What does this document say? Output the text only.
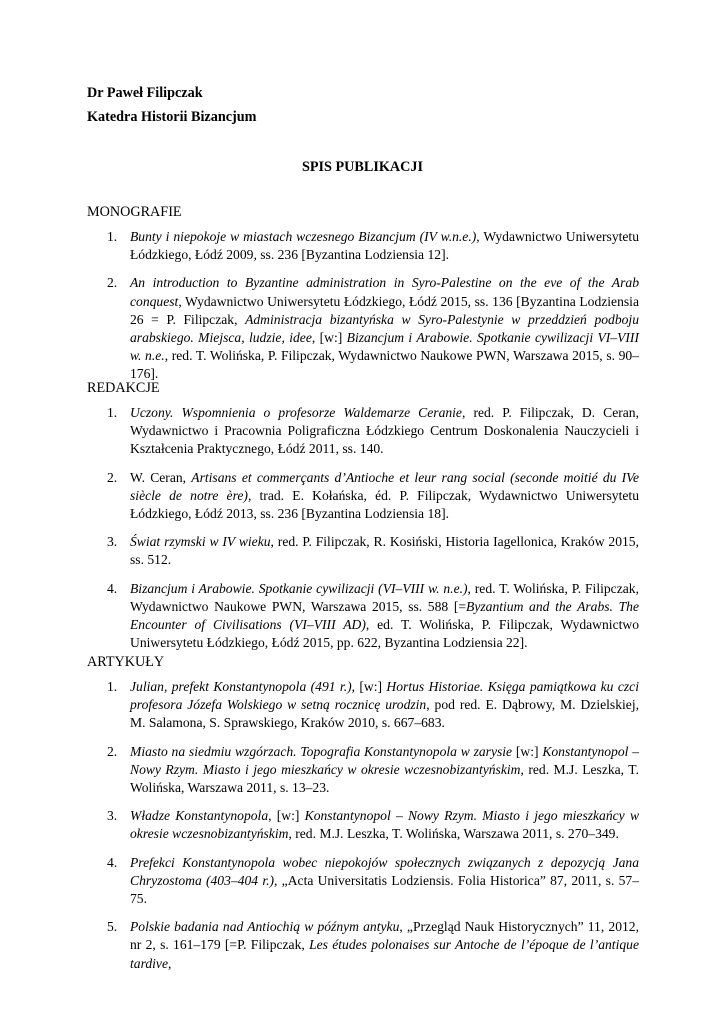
Dr Paweł Filipczak
Katedra Historii Bizancjum
SPIS PUBLIKACJI
MONOGRAFIE
1. Bunty i niepokoje w miastach wczesnego Bizancjum (IV w.n.e.), Wydawnictwo Uniwersytetu Łódzkiego, Łódź 2009, ss. 236 [Byzantina Lodziensia 12].
2. An introduction to Byzantine administration in Syro-Palestine on the eve of the Arab conquest, Wydawnictwo Uniwersytetu Łódzkiego, Łódź 2015, ss. 136 [Byzantina Lodziensia 26 = P. Filipczak, Administracja bizantyńska w Syro-Palestynie w przeddzień podboju arabskiego. Miejsca, ludzie, idee, [w:] Bizancjum i Arabowie. Spotkanie cywilizacji VI–VIII w. n.e., red. T. Wolińska, P. Filipczak, Wydawnictwo Naukowe PWN, Warszawa 2015, s. 90–176].
REDAKCJE
1. Uczony. Wspomnienia o profesorze Waldemarze Ceranie, red. P. Filipczak, D. Ceran, Wydawnictwo i Pracownia Poligraficzna Łódzkiego Centrum Doskonalenia Nauczycieli i Kształcenia Praktycznego, Łódź 2011, ss. 140.
2. W. Ceran, Artisans et commerçants d’Antioche et leur rang social (seconde moitié du IVe siècle de notre ère), trad. E. Kołańska, éd. P. Filipczak, Wydawnictwo Uniwersytetu Łódzkiego, Łódź 2013, ss. 236 [Byzantina Lodziensia 18].
3. Świat rzymski w IV wieku, red. P. Filipczak, R. Kosiński, Historia Iagellonica, Kraków 2015, ss. 512.
4. Bizancjum i Arabowie. Spotkanie cywilizacji (VI–VIII w. n.e.), red. T. Wolińska, P. Filipczak, Wydawnictwo Naukowe PWN, Warszawa 2015, ss. 588 [=Byzantium and the Arabs. The Encounter of Civilisations (VI–VIII AD), ed. T. Wolińska, P. Filipczak, Wydawnictwo Uniwersytetu Łódzkiego, Łódź 2015, pp. 622, Byzantina Lodziensia 22].
ARTYKUŁY
1. Julian, prefekt Konstantynopola (491 r.), [w:] Hortus Historiae. Księga pamiątkowa ku czci profesora Józefa Wolskiego w setną rocznicę urodzin, pod red. E. Dąbrowy, M. Dzielskiej, M. Salamona, S. Sprawskiego, Kraków 2010, s. 667–683.
2. Miasto na siedmiu wzgórzach. Topografia Konstantynopola w zarysie [w:] Konstantynopol – Nowy Rzym. Miasto i jego mieszkańcy w okresie wczesnobizantyńskim, red. M.J. Leszka, T. Wolińska, Warszawa 2011, s. 13–23.
3. Władze Konstantynopola, [w:] Konstantynopol – Nowy Rzym. Miasto i jego mieszkańcy w okresie wczesnobizantyńskim, red. M.J. Leszka, T. Wolińska, Warszawa 2011, s. 270–349.
4. Prefekci Konstantynopola wobec niepokojów społecznych związanych z depozycją Jana Chryzostoma (403–404 r.), „Acta Universitatis Lodziensis. Folia Historica” 87, 2011, s. 57–75.
5. Polskie badania nad Antiochią w późnym antyku, „Przegląd Nauk Historycznych” 11, 2012, nr 2, s. 161–179 [=P. Filipczak, Les études polonaises sur Antoche de l’époque de l’antique tardive,
